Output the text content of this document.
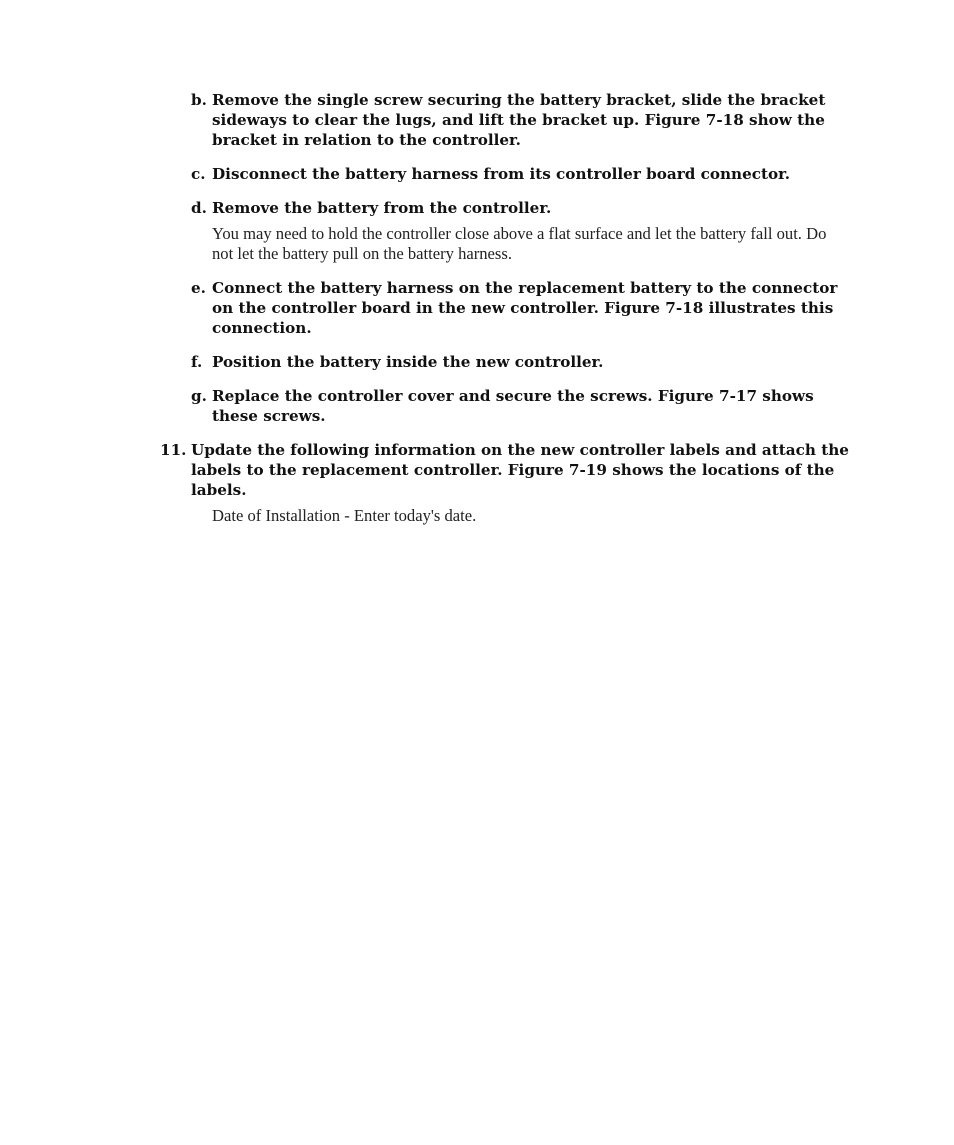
b. Remove the single screw securing the battery bracket, slide the bracket sideways to clear the lugs, and lift the bracket up. Figure 7-18 show the bracket in relation to the controller.
c. Disconnect the battery harness from its controller board connector.
d. Remove the battery from the controller.
You may need to hold the controller close above a flat surface and let the battery fall out. Do not let the battery pull on the battery harness.
e. Connect the battery harness on the replacement battery to the connector on the controller board in the new controller. Figure 7-18 illustrates this connection.
f. Position the battery inside the new controller.
g. Replace the controller cover and secure the screws. Figure 7-17 shows these screws.
11. Update the following information on the new controller labels and attach the labels to the replacement controller. Figure 7-19 shows the locations of the labels.
Date of Installation - Enter today's date.
